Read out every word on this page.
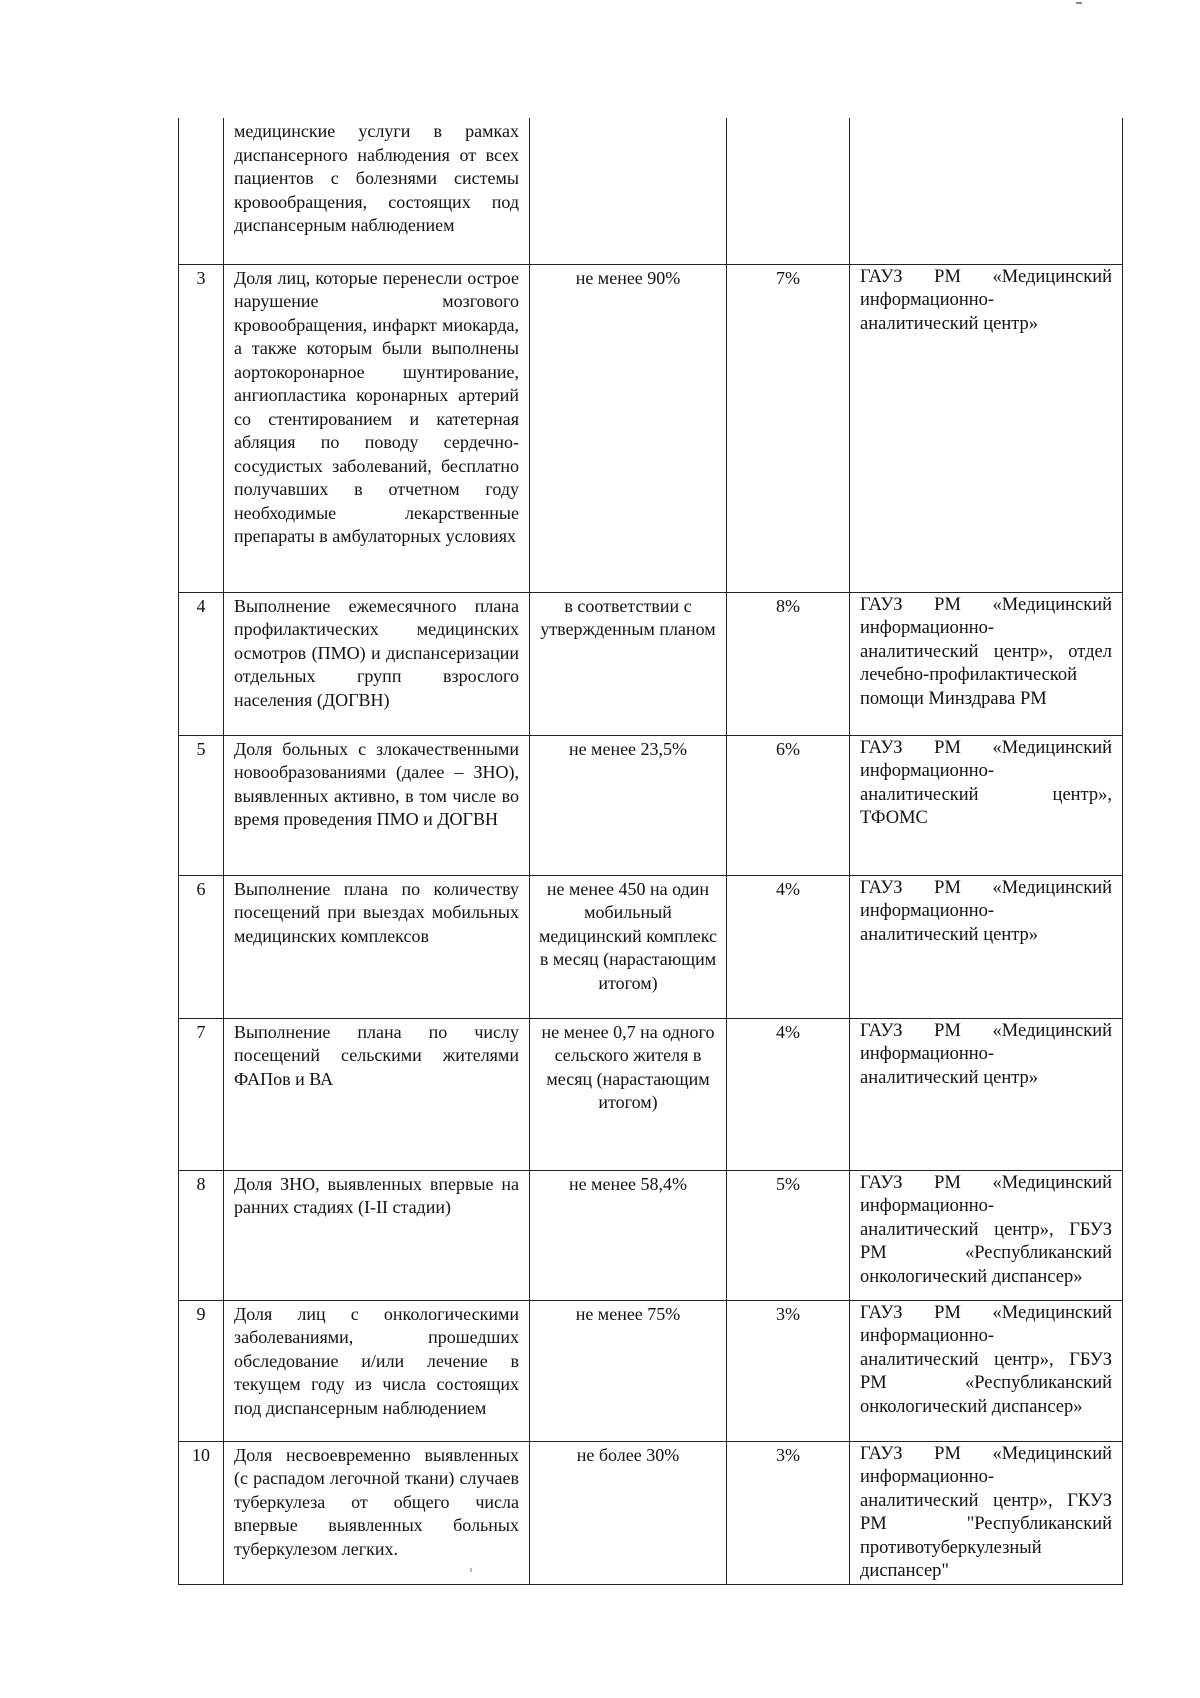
	медицинские услуги в рамках диспансерного наблюдения от всех пациентов с болезнями системы кровообращения, состоящих под диспансерным наблюдением			
3	Доля лиц, которые перенесли острое нарушение мозгового кровообращения, инфаркт миокарда, а также которым были выполнены аортокоронарное шунтирование, ангиопластика коронарных артерий со стентированием и катетерная абляция по поводу сердечно-сосудистых заболеваний, бесплатно получавших в отчетном году необходимые лекарственные препараты в амбулаторных условиях	не менее 90%	7%	ГАУЗ РМ «Медицинский информационно-аналитический центр»
4	Выполнение ежемесячного плана профилактических медицинских осмотров (ПМО) и диспансеризации отдельных групп взрослого населения (ДОГВН)	в соответствии с утвержденным планом	8%	ГАУЗ РМ «Медицинский информационно-аналитический центр», отдел лечебно-профилактической помощи Минздрава РМ
5	Доля больных с злокачественными новообразованиями (далее – ЗНО), выявленных активно, в том числе во время проведения ПМО и ДОГВН	не менее 23,5%	6%	ГАУЗ РМ «Медицинский информационно-аналитический центр», ТФОМС
6	Выполнение плана по количеству посещений при выездах мобильных медицинских комплексов	не менее 450 на один мобильный медицинский комплекс в месяц (нарастающим итогом)	4%	ГАУЗ РМ «Медицинский информационно-аналитический центр»
7	Выполнение плана по числу посещений сельскими жителями ФАПов и ВА	не менее 0,7 на одного сельского жителя в месяц (нарастающим итогом)	4%	ГАУЗ РМ «Медицинский информационно-аналитический центр»
8	Доля ЗНО, выявленных впервые на ранних стадиях (I-II стадии)	не менее 58,4%	5%	ГАУЗ РМ «Медицинский информационно-аналитический центр», ГБУЗ РМ «Республиканский онкологический диспансер»
9	Доля лиц с онкологическими заболеваниями, прошедших обследование и/или лечение в текущем году из числа состоящих под диспансерным наблюдением	не менее 75%	3%	ГАУЗ РМ «Медицинский информационно-аналитический центр», ГБУЗ РМ «Республиканский онкологический диспансер»
10	Доля несвоевременно выявленных (с распадом легочной ткани) случаев туберкулеза от общего числа впервые выявленных больных туберкулезом легких.	не более 30%	3%	ГАУЗ РМ «Медицинский информационно-аналитический центр», ГКУЗ РМ "Республиканский противотуберкулезный диспансер"
